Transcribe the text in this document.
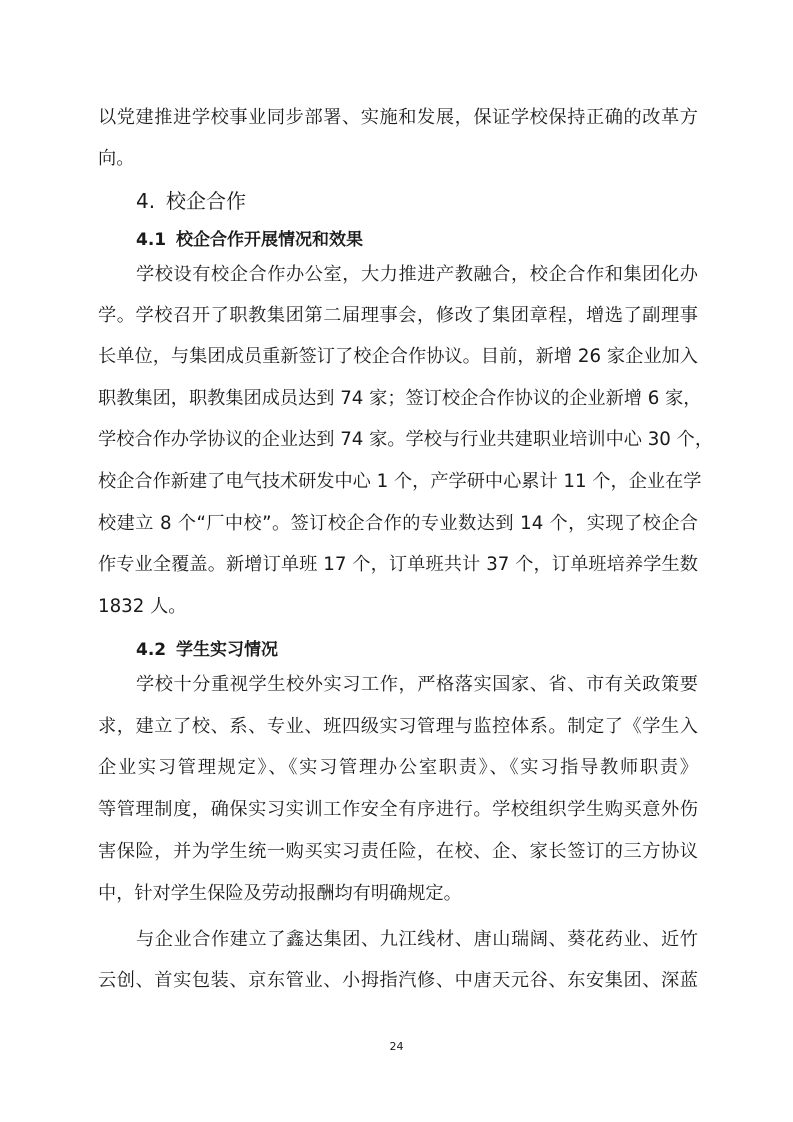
以党建推进学校事业同步部署、实施和发展，保证学校保持正确的改革方
向。
4. 校企合作
4.1 校企合作开展情况和效果
学校设有校企合作办公室，大力推进产教融合，校企合作和集团化办
学。学校召开了职教集团第二届理事会，修改了集团章程，增选了副理事
长单位，与集团成员重新签订了校企合作协议。目前，新增 26 家企业加入
职教集团，职教集团成员达到 74 家；签订校企合作协议的企业新增 6 家，
学校合作办学协议的企业达到 74 家。学校与行业共建职业培训中心 30 个，
校企合作新建了电气技术研发中心 1 个，产学研中心累计 11 个，企业在学
校建立 8 个“厂中校”。签订校企合作的专业数达到 14 个，实现了校企合
作专业全覆盖。新增订单班 17 个，订单班共计 37 个，订单班培养学生数
1832 人。
4.2 学生实习情况
学校十分重视学生校外实习工作，严格落实国家、省、市有关政策要
求，建立了校、系、专业、班四级实习管理与监控体系。制定了《学生入
企业实习管理规定》、《实习管理办公室职责》、《实习指导教师职责》
等管理制度，确保实习实训工作安全有序进行。学校组织学生购买意外伤
害保险，并为学生统一购买实习责任险，在校、企、家长签订的三方协议
中，针对学生保险及劳动报酬均有明确规定。
与企业合作建立了鑫达集团、九江线材、唐山瑞阔、葵花药业、近竹
云创、首实包装、京东管业、小拇指汽修、中唐天元谷、东安集团、深蓝
24
